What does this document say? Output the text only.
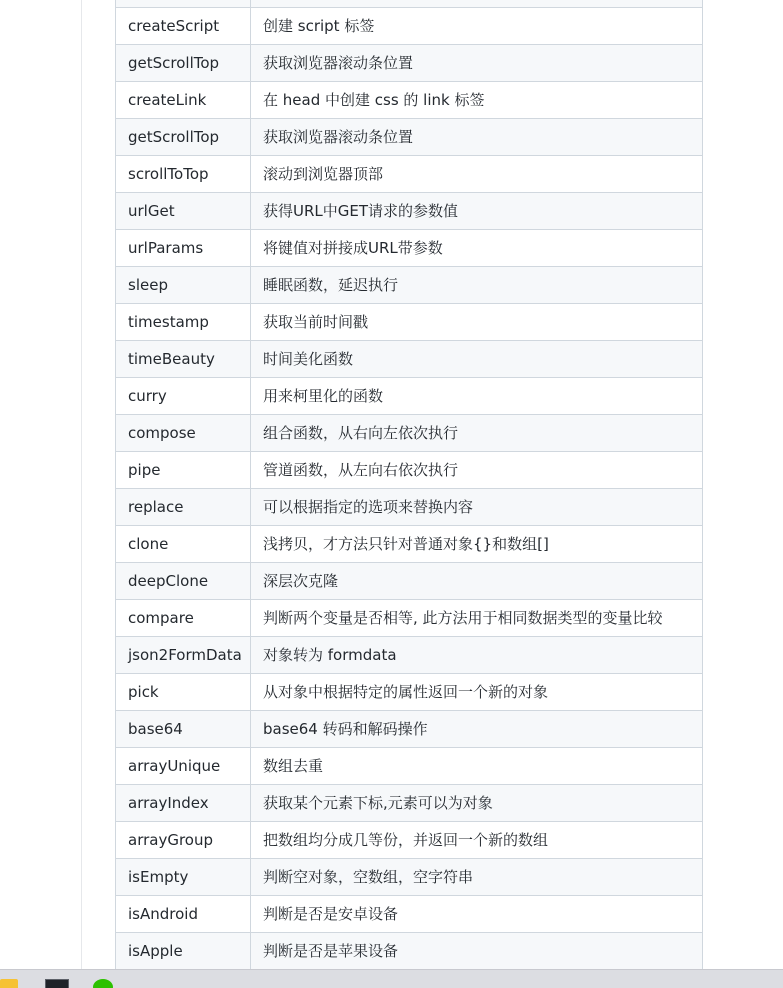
createScript	创建 script 标签
getScrollTop	获取浏览器滚动条位置
createLink	在 head 中创建 css 的 link 标签
getScrollTop	获取浏览器滚动条位置
scrollToTop	滚动到浏览器顶部
urlGet	获得URL中GET请求的参数值
urlParams	将键值对拼接成URL带参数
sleep	睡眠函数，延迟执行
timestamp	获取当前时间戳
timeBeauty	时间美化函数
curry	用来柯里化的函数
compose	组合函数，从右向左依次执行
pipe	管道函数，从左向右依次执行
replace	可以根据指定的选项来替换内容
clone	浅拷贝，才方法只针对普通对象{}和数组[]
deepClone	深层次克隆
compare	判断两个变量是否相等, 此方法用于相同数据类型的变量比较
json2FormData	对象转为 formdata
pick	从对象中根据特定的属性返回一个新的对象
base64	base64 转码和解码操作
arrayUnique	数组去重
arrayIndex	获取某个元素下标,元素可以为对象
arrayGroup	把数组均分成几等份，并返回一个新的数组
isEmpty	判断空对象，空数组，空字符串
isAndroid	判断是否是安卓设备
isApple	判断是否是苹果设备
